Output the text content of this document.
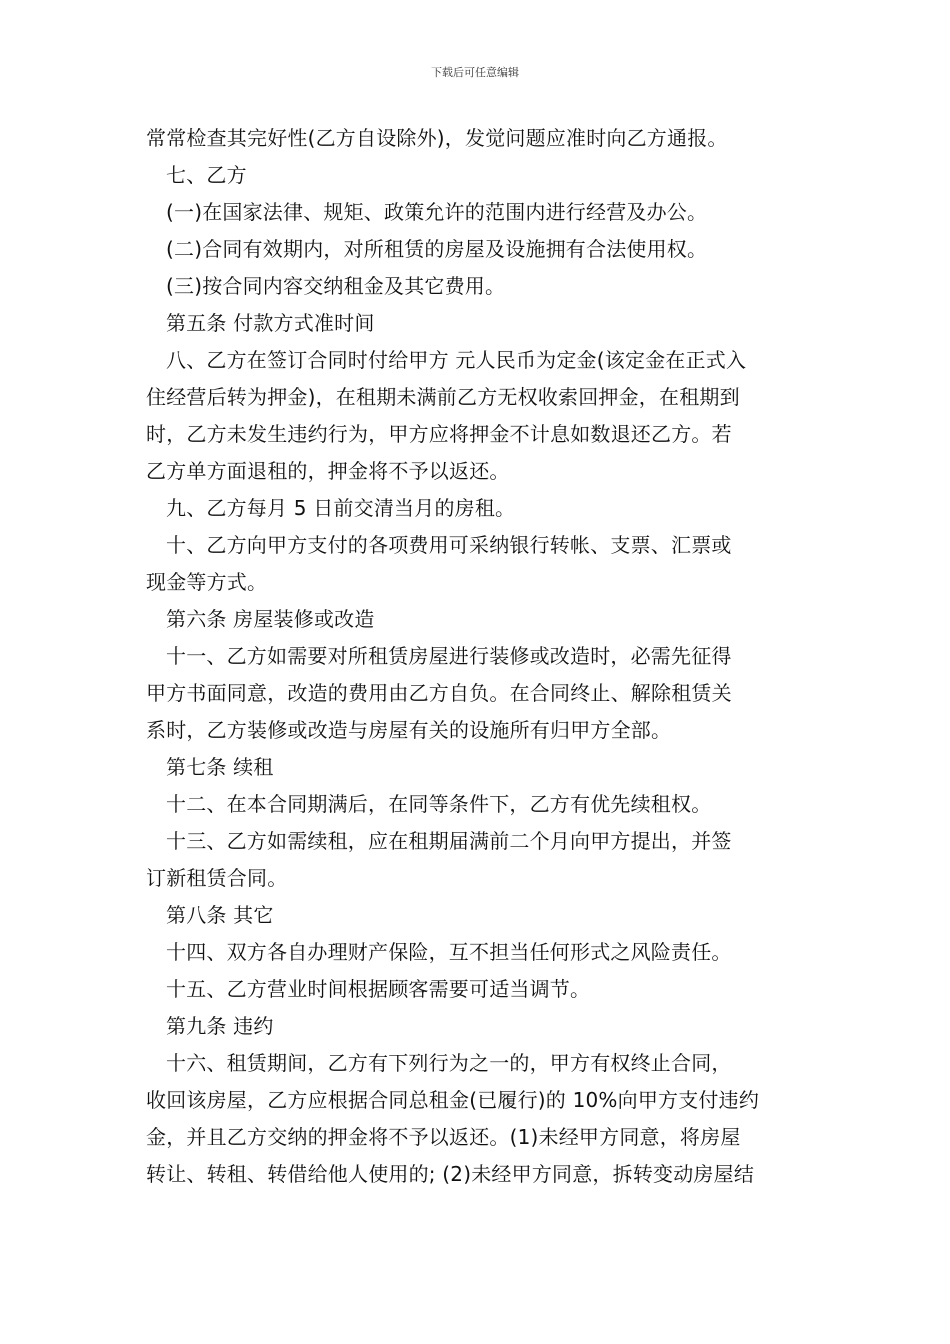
下载后可任意编辑
常常检查其完好性(乙方自设除外)，发觉问题应准时向乙方通报。
七、乙方
(一)在国家法律、规矩、政策允许的范围内进行经营及办公。
(二)合同有效期内，对所租赁的房屋及设施拥有合法使用权。
(三)按合同内容交纳租金及其它费用。
第五条 付款方式准时间
八、乙方在签订合同时付给甲方 元人民币为定金(该定金在正式入
住经营后转为押金)，在租期未满前乙方无权收索回押金，在租期到
时，乙方未发生违约行为，甲方应将押金不计息如数退还乙方。若
乙方单方面退租的，押金将不予以返还。
九、乙方每月 5 日前交清当月的房租。
十、乙方向甲方支付的各项费用可采纳银行转帐、支票、汇票或
现金等方式。
第六条 房屋装修或改造
十一、乙方如需要对所租赁房屋进行装修或改造时，必需先征得
甲方书面同意，改造的费用由乙方自负。在合同终止、解除租赁关
系时，乙方装修或改造与房屋有关的设施所有归甲方全部。
第七条 续租
十二、在本合同期满后，在同等条件下，乙方有优先续租权。
十三、乙方如需续租，应在租期届满前二个月向甲方提出，并签
订新租赁合同。
第八条 其它
十四、双方各自办理财产保险，互不担当任何形式之风险责任。
十五、乙方营业时间根据顾客需要可适当调节。
第九条 违约
十六、租赁期间，乙方有下列行为之一的，甲方有权终止合同，
收回该房屋，乙方应根据合同总租金(已履行)的 10%向甲方支付违约
金，并且乙方交纳的押金将不予以返还。(1)未经甲方同意，将房屋
转让、转租、转借给他人使用的; (2)未经甲方同意，拆转变动房屋结
